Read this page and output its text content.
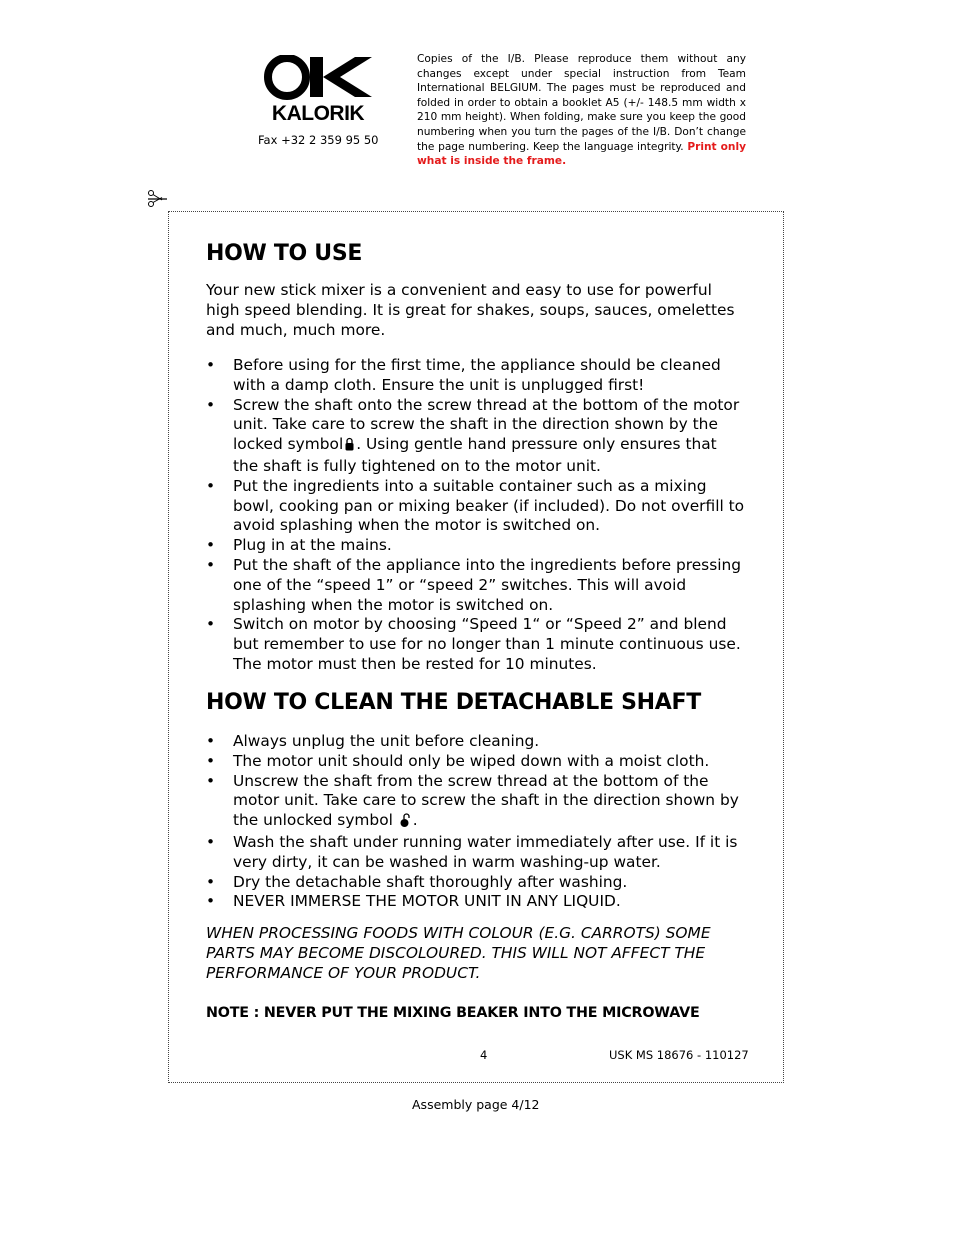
KALORIK
Fax +32 2 359 95 50
Copies of the I/B. Please reproduce them without any changes except under special instruction from Team International BELGIUM. The pages must be reproduced and folded in order to obtain a booklet A5 (+/- 148.5 mm width x 210 mm height). When folding, make sure you keep the good numbering when you turn the pages of the I/B. Don’t change the page numbering. Keep the language integrity. Print only what is inside the frame.
HOW TO USE

Your new stick mixer is a convenient and easy to use for powerful high speed blending. It is great for shakes, soups, sauces, omelettes and much, much more.

• Before using for the first time, the appliance should be cleaned with a damp cloth. Ensure the unit is unplugged first!
• Screw the shaft onto the screw thread at the bottom of the motor unit. Take care to screw the shaft in the direction shown by the locked symbol . Using gentle hand pressure only ensures that the shaft is fully tightened on to the motor unit.
• Put the ingredients into a suitable container such as a mixing bowl, cooking pan or mixing beaker (if included). Do not overfill to avoid splashing when the motor is switched on.
• Plug in at the mains.
• Put the shaft of the appliance into the ingredients before pressing one of the “speed 1” or “speed 2” switches. This will avoid splashing when the motor is switched on.
• Switch on motor by choosing “Speed 1“ or “Speed 2” and blend but remember to use for no longer than 1 minute continuous use. The motor must then be rested for 10 minutes.
HOW TO CLEAN THE DETACHABLE SHAFT
• Always unplug the unit before cleaning.
• The motor unit should only be wiped down with a moist cloth.
• Unscrew the shaft from the screw thread at the bottom of the motor unit. Take care to screw the shaft in the direction shown by the unlocked symbol .
• Wash the shaft under running water immediately after use. If it is very dirty, it can be washed in warm washing-up water.
• Dry the detachable shaft thoroughly after washing.
• NEVER IMMERSE THE MOTOR UNIT IN ANY LIQUID.

WHEN PROCESSING FOODS WITH COLOUR (E.G. CARROTS) SOME PARTS MAY BECOME DISCOLOURED. THIS WILL NOT AFFECT THE PERFORMANCE OF YOUR PRODUCT.

NOTE : NEVER PUT THE MIXING BEAKER INTO THE MICROWAVE

4	USK MS 18676 - 110127
Assembly page 4/12
